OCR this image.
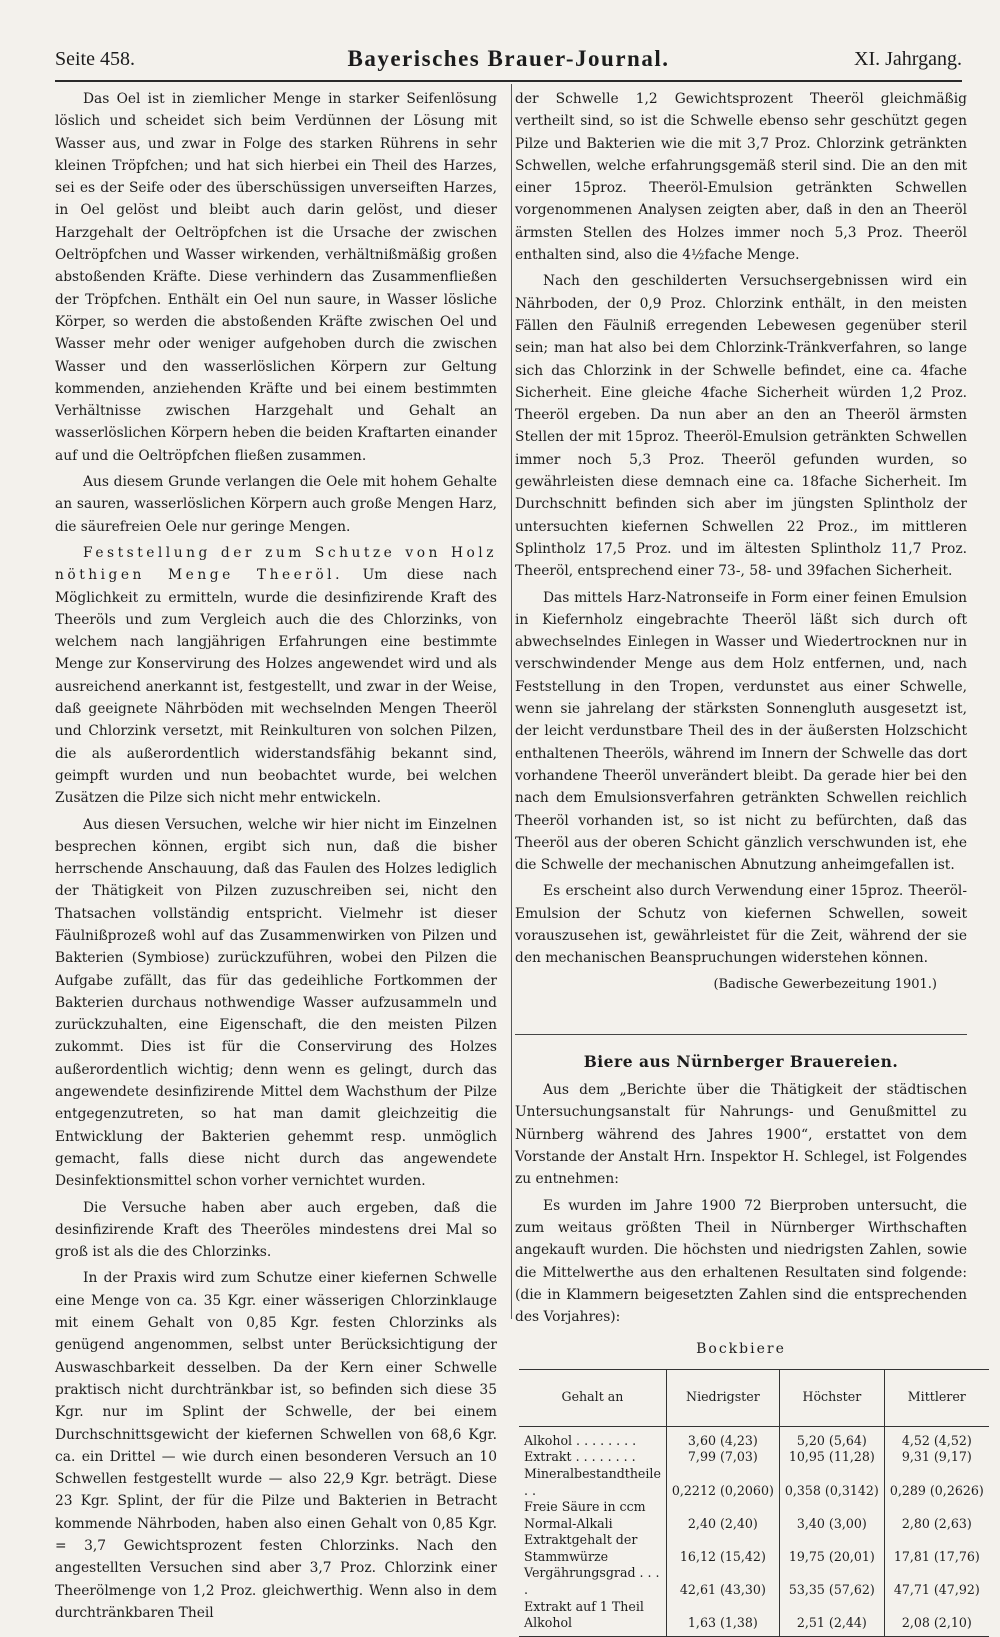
Seite 458.	Bayerisches Brauer-Journal.	XI. Jahrgang.

Das Oel ist in ziemlicher Menge in starker Seifenlösung löslich und scheidet sich beim Verdünnen der Lösung mit Wasser aus, und zwar in Folge des starken Rührens in sehr kleinen Tröpfchen; und hat sich hierbei ein Theil des Harzes, sei es der Seife oder des überschüssigen unverseiften Harzes, in Oel gelöst und bleibt auch darin gelöst, und dieser Harzgehalt der Oeltröpfchen ist die Ursache der zwischen Oeltröpfchen und Wasser wirkenden, verhältnißmäßig großen abstoßenden Kräfte. Diese verhindern das Zusammenfließen der Tröpfchen. Enthält ein Oel nun saure, in Wasser lösliche Körper, so werden die abstoßenden Kräfte zwischen Oel und Wasser mehr oder weniger aufgehoben durch die zwischen Wasser und den wasserlöslichen Körpern zur Geltung kommenden, anziehenden Kräfte und bei einem bestimmten Verhältnisse zwischen Harzgehalt und Gehalt an wasserlöslichen Körpern heben die beiden Kraftarten einander auf und die Oeltröpfchen fließen zusammen.

Aus diesem Grunde verlangen die Oele mit hohem Gehalte an sauren, wasserlöslichen Körpern auch große Mengen Harz, die säurefreien Oele nur geringe Mengen.

Feststellung der zum Schutze von Holz nöthigen Menge Theeröl. Um diese nach Möglichkeit zu ermitteln, wurde die desinfizirende Kraft des Theeröls und zum Vergleich auch die des Chlorzinks, von welchem nach langjährigen Erfahrungen eine bestimmte Menge zur Konservirung des Holzes angewendet wird und als ausreichend anerkannt ist, festgestellt, und zwar in der Weise, daß geeignete Nährböden mit wechselnden Mengen Theeröl und Chlorzink versetzt, mit Reinkulturen von solchen Pilzen, die als außerordentlich widerstandsfähig bekannt sind, geimpft wurden und nun beobachtet wurde, bei welchen Zusätzen die Pilze sich nicht mehr entwickeln.

Aus diesen Versuchen, welche wir hier nicht im Einzelnen besprechen können, ergibt sich nun, daß die bisher herrschende Anschauung, daß das Faulen des Holzes lediglich der Thätigkeit von Pilzen zuzuschreiben sei, nicht den Thatsachen vollständig entspricht. Vielmehr ist dieser Fäulnißprozeß wohl auf das Zusammenwirken von Pilzen und Bakterien (Symbiose) zurückzuführen, wobei den Pilzen die Aufgabe zufällt, das für das gedeihliche Fortkommen der Bakterien durchaus nothwendige Wasser aufzusammeln und zurückzuhalten, eine Eigenschaft, die den meisten Pilzen zukommt. Dies ist für die Conservirung des Holzes außerordentlich wichtig; denn wenn es gelingt, durch das angewendete desinfizirende Mittel dem Wachsthum der Pilze entgegenzutreten, so hat man damit gleichzeitig die Entwicklung der Bakterien gehemmt resp. unmöglich gemacht, falls diese nicht durch das angewendete Desinfektionsmittel schon vorher vernichtet wurden.

Die Versuche haben aber auch ergeben, daß die desinfizirende Kraft des Theeröles mindestens drei Mal so groß ist als die des Chlorzinks.

In der Praxis wird zum Schutze einer kiefernen Schwelle eine Menge von ca. 35 Kgr. einer wässerigen Chlorzinklauge mit einem Gehalt von 0,85 Kgr. festen Chlorzinks als genügend angenommen, selbst unter Berücksichtigung der Auswaschbarkeit desselben. Da der Kern einer Schwelle praktisch nicht durchtränkbar ist, so befinden sich diese 35 Kgr. nur im Splint der Schwelle, der bei einem Durchschnittsgewicht der kiefernen Schwellen von 68,6 Kgr. ca. ein Drittel — wie durch einen besonderen Versuch an 10 Schwellen festgestellt wurde — also 22,9 Kgr. beträgt. Diese 23 Kgr. Splint, der für die Pilze und Bakterien in Betracht kommende Nährboden, haben also einen Gehalt von 0,85 Kgr. = 3,7 Gewichtsprozent festen Chlorzinks. Nach den angestellten Versuchen sind aber 3,7 Proz. Chlorzink einer Theerölmenge von 1,2 Proz. gleichwerthig. Wenn also in dem durchtränkbaren Theil

der Schwelle 1,2 Gewichtsprozent Theeröl gleichmäßig vertheilt sind, so ist die Schwelle ebenso sehr geschützt gegen Pilze und Bakterien wie die mit 3,7 Proz. Chlorzink getränkten Schwellen, welche erfahrungsgemäß steril sind. Die an den mit einer 15proz. Theeröl-Emulsion getränkten Schwellen vorgenommenen Analysen zeigten aber, daß in den an Theeröl ärmsten Stellen des Holzes immer noch 5,3 Proz. Theeröl enthalten sind, also die 4½fache Menge.

Nach den geschilderten Versuchsergebnissen wird ein Nährboden, der 0,9 Proz. Chlorzink enthält, in den meisten Fällen den Fäulniß erregenden Lebewesen gegenüber steril sein; man hat also bei dem Chlorzink-Tränkverfahren, so lange sich das Chlorzink in der Schwelle befindet, eine ca. 4fache Sicherheit. Eine gleiche 4fache Sicherheit würden 1,2 Proz. Theeröl ergeben. Da nun aber an den an Theeröl ärmsten Stellen der mit 15proz. Theeröl-Emulsion getränkten Schwellen immer noch 5,3 Proz. Theeröl gefunden wurden, so gewährleisten diese demnach eine ca. 18fache Sicherheit. Im Durchschnitt befinden sich aber im jüngsten Splintholz der untersuchten kiefernen Schwellen 22 Proz., im mittleren Splintholz 17,5 Proz. und im ältesten Splintholz 11,7 Proz. Theeröl, entsprechend einer 73-, 58- und 39fachen Sicherheit.

Das mittels Harz-Natronseife in Form einer feinen Emulsion in Kiefernholz eingebrachte Theeröl läßt sich durch oft abwechselndes Einlegen in Wasser und Wiedertrocknen nur in verschwindender Menge aus dem Holz entfernen, und, nach Feststellung in den Tropen, verdunstet aus einer Schwelle, wenn sie jahrelang der stärksten Sonnengluth ausgesetzt ist, der leicht verdunstbare Theil des in der äußersten Holzschicht enthaltenen Theeröls, während im Innern der Schwelle das dort vorhandene Theeröl unverändert bleibt. Da gerade hier bei den nach dem Emulsionsverfahren getränkten Schwellen reichlich Theeröl vorhanden ist, so ist nicht zu befürchten, daß das Theeröl aus der oberen Schicht gänzlich verschwunden ist, ehe die Schwelle der mechanischen Abnutzung anheimgefallen ist.

Es erscheint also durch Verwendung einer 15proz. Theeröl-Emulsion der Schutz von kiefernen Schwellen, soweit vorauszusehen ist, gewährleistet für die Zeit, während der sie den mechanischen Beanspruchungen widerstehen können.

(Badische Gewerbezeitung 1901.)
Biere aus Nürnberger Brauereien.

Aus dem „Berichte über die Thätigkeit der städtischen Untersuchungsanstalt für Nahrungs- und Genußmittel zu Nürnberg während des Jahres 1900“, erstattet von dem Vorstande der Anstalt Hrn. Inspektor H. Schlegel, ist Folgendes zu entnehmen:

Es wurden im Jahre 1900 72 Bierproben untersucht, die zum weitaus größten Theil in Nürnberger Wirthschaften angekauft wurden. Die höchsten und niedrigsten Zahlen, sowie die Mittelwerthe aus den erhaltenen Resultaten sind folgende: (die in Klammern beigesetzten Zahlen sind die entsprechenden des Vorjahres):

Bockbiere
Gehalt an	Niedrigster	Höchster	Mittlerer
Alkohol . . . . . . . .	3,60 (4,23)	5,20 (5,64)	4,52 (4,52)
Extrakt . . . . . . . .	7,99 (7,03)	10,95 (11,28)	9,31 (9,17)
Mineralbestandtheile . .	0,2212 (0,2060)	0,358 (0,3142)	0,289 (0,2626)
Freie Säure in ccm Normal-Alkali	2,40 (2,40)	3,40 (3,00)	2,80 (2,63)
Extraktgehalt der Stammwürze	16,12 (15,42)	19,75 (20,01)	17,81 (17,76)
Vergährungsgrad . . . .	42,61 (43,30)	53,35 (57,62)	47,71 (47,92)
Extrakt auf 1 Theil Alkohol	1,63 (1,38)	2,51 (2,44)	2,08 (2,10)
